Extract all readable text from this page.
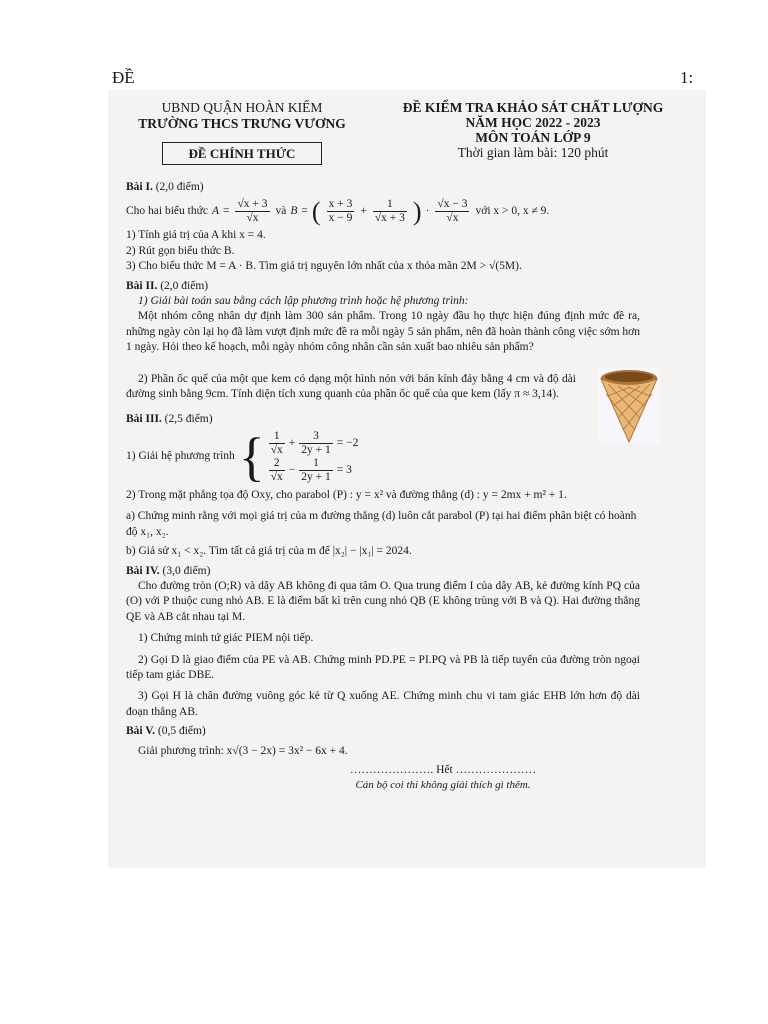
ĐỀ	1:
UBND QUẬN HOÀN KIẾM
TRƯỜNG THCS TRƯNG VƯƠNG
ĐỀ CHÍNH THỨC
ĐỀ KIỂM TRA KHẢO SÁT CHẤT LƯỢNG
NĂM HỌC 2022 - 2023
MÔN TOÁN LỚP 9
Thời gian làm bài: 120 phút
Bài I. (2,0 điểm)
Cho hai biểu thức $A = \frac{√x + 3}{√x}$ và B = ( $\frac{x + 3}{x - 9} + \frac{1}{√x + 3}$ ) · $\frac{√x - 3}{√x}$ với x > 0, x ≠ 9.

1) Tính giá trị của A khi x = 4.

2) Rút gọn biểu thức B.

3) Cho biểu thức M = A · B. Tìm giá trị nguyên lớn nhất của x thỏa mãn 2M > √(5M).

Bài II. (2,0 điểm)

1) Giải bài toán sau bằng cách lập phương trình hoặc hệ phương trình:

Một nhóm công nhân dự định làm 300 sản phẩm. Trong 10 ngày đầu họ thực hiện đúng định mức đề ra, những ngày còn lại họ đã làm vượt định mức đề ra mỗi ngày 5 sản phẩm, nên đã hoàn thành công việc sớm hơn 1 ngày. Hỏi theo kế hoạch, mỗi ngày nhóm công nhân cần sản xuất bao nhiêu sản phẩm?

2) Phần ốc quế của một que kem có dạng một hình nón với bán kính đáy bằng 4 cm và độ dài đường sinh bằng 9cm. Tính diện tích xung quanh của phần ốc quế của que kem (lấy π ≈ 3,14).

Bài III. (2,5 điểm)
1) Giải hệ phương trình { $\frac{1}{√x} + \frac{3}{2y + 1} = -2$
$\frac{2}{√x} - \frac{1}{2y + 1} = 3$

2) Trong mặt phẳng tọa độ Oxy, cho parabol (P) : y = x² và đường thẳng (d) : y = 2mx + m² + 1.

a) Chứng minh rằng với mọi giá trị của m đường thẳng (d) luôn cắt parabol (P) tại hai điểm phân biệt có hoành độ x₁, x₂.

b) Giả sử x₁ < x₂. Tìm tất cả giá trị của m để |x₂| − |x₁| = 2024.

Bài IV. (3,0 điểm)

Cho đường tròn (O;R) và dây AB không đi qua tâm O. Qua trung điểm I của dây AB, kẻ đường kính PQ của (O) với P thuộc cung nhỏ AB. E là điểm bất kì trên cung nhỏ QB (E không trùng với B và Q). Hai đường thẳng QE và AB cắt nhau tại M.

1) Chứng minh tứ giác PIEM nội tiếp.

2) Gọi D là giao điểm của PE và AB. Chứng minh PD.PE = PI.PQ và PB là tiếp tuyến của đường tròn ngoại tiếp tam giác DBE.

3) Gọi H là chân đường vuông góc kẻ từ Q xuống AE. Chứng minh chu vi tam giác EHB lớn hơn độ dài đoạn thẳng AB.

Bài V. (0,5 điểm)

Giải phương trình: x√(3 − 2x) = 3x² − 6x + 4.

…………………. Hết …………………

Cán bộ coi thi không giải thích gì thêm.
